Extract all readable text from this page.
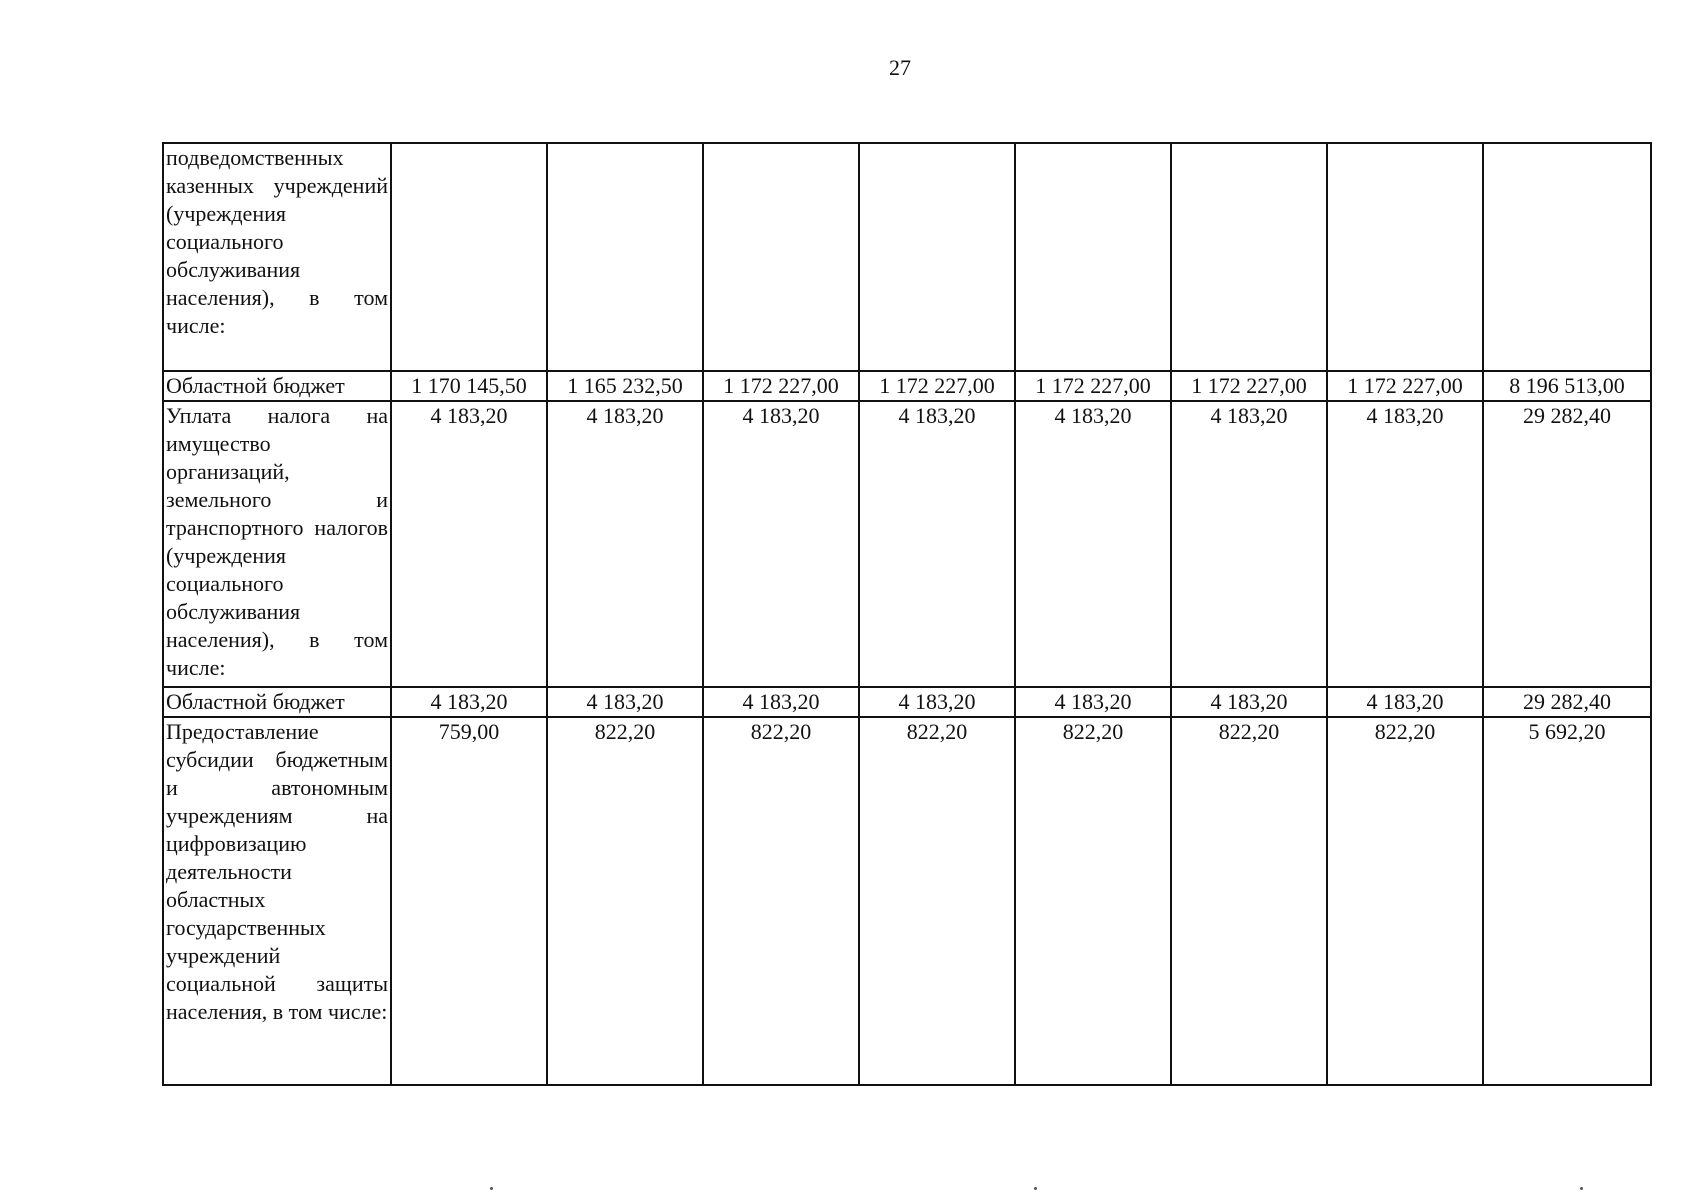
27
подведомственных казенных учреждений (учреждения социального обслуживания населения), в том числе:								
Областной бюджет	1 170 145,50	1 165 232,50	1 172 227,00	1 172 227,00	1 172 227,00	1 172 227,00	1 172 227,00	8 196 513,00
Уплата налога на имущество организаций, земельного и транспортного налогов (учреждения социального обслуживания населения), в том числе:	4 183,20	4 183,20	4 183,20	4 183,20	4 183,20	4 183,20	4 183,20	29 282,40
Областной бюджет	4 183,20	4 183,20	4 183,20	4 183,20	4 183,20	4 183,20	4 183,20	29 282,40
Предоставление субсидии бюджетным и автономным учреждениям на цифровизацию деятельности областных государственных учреждений социальной защиты населения, в том числе:	759,00	822,20	822,20	822,20	822,20	822,20	822,20	5 692,20
